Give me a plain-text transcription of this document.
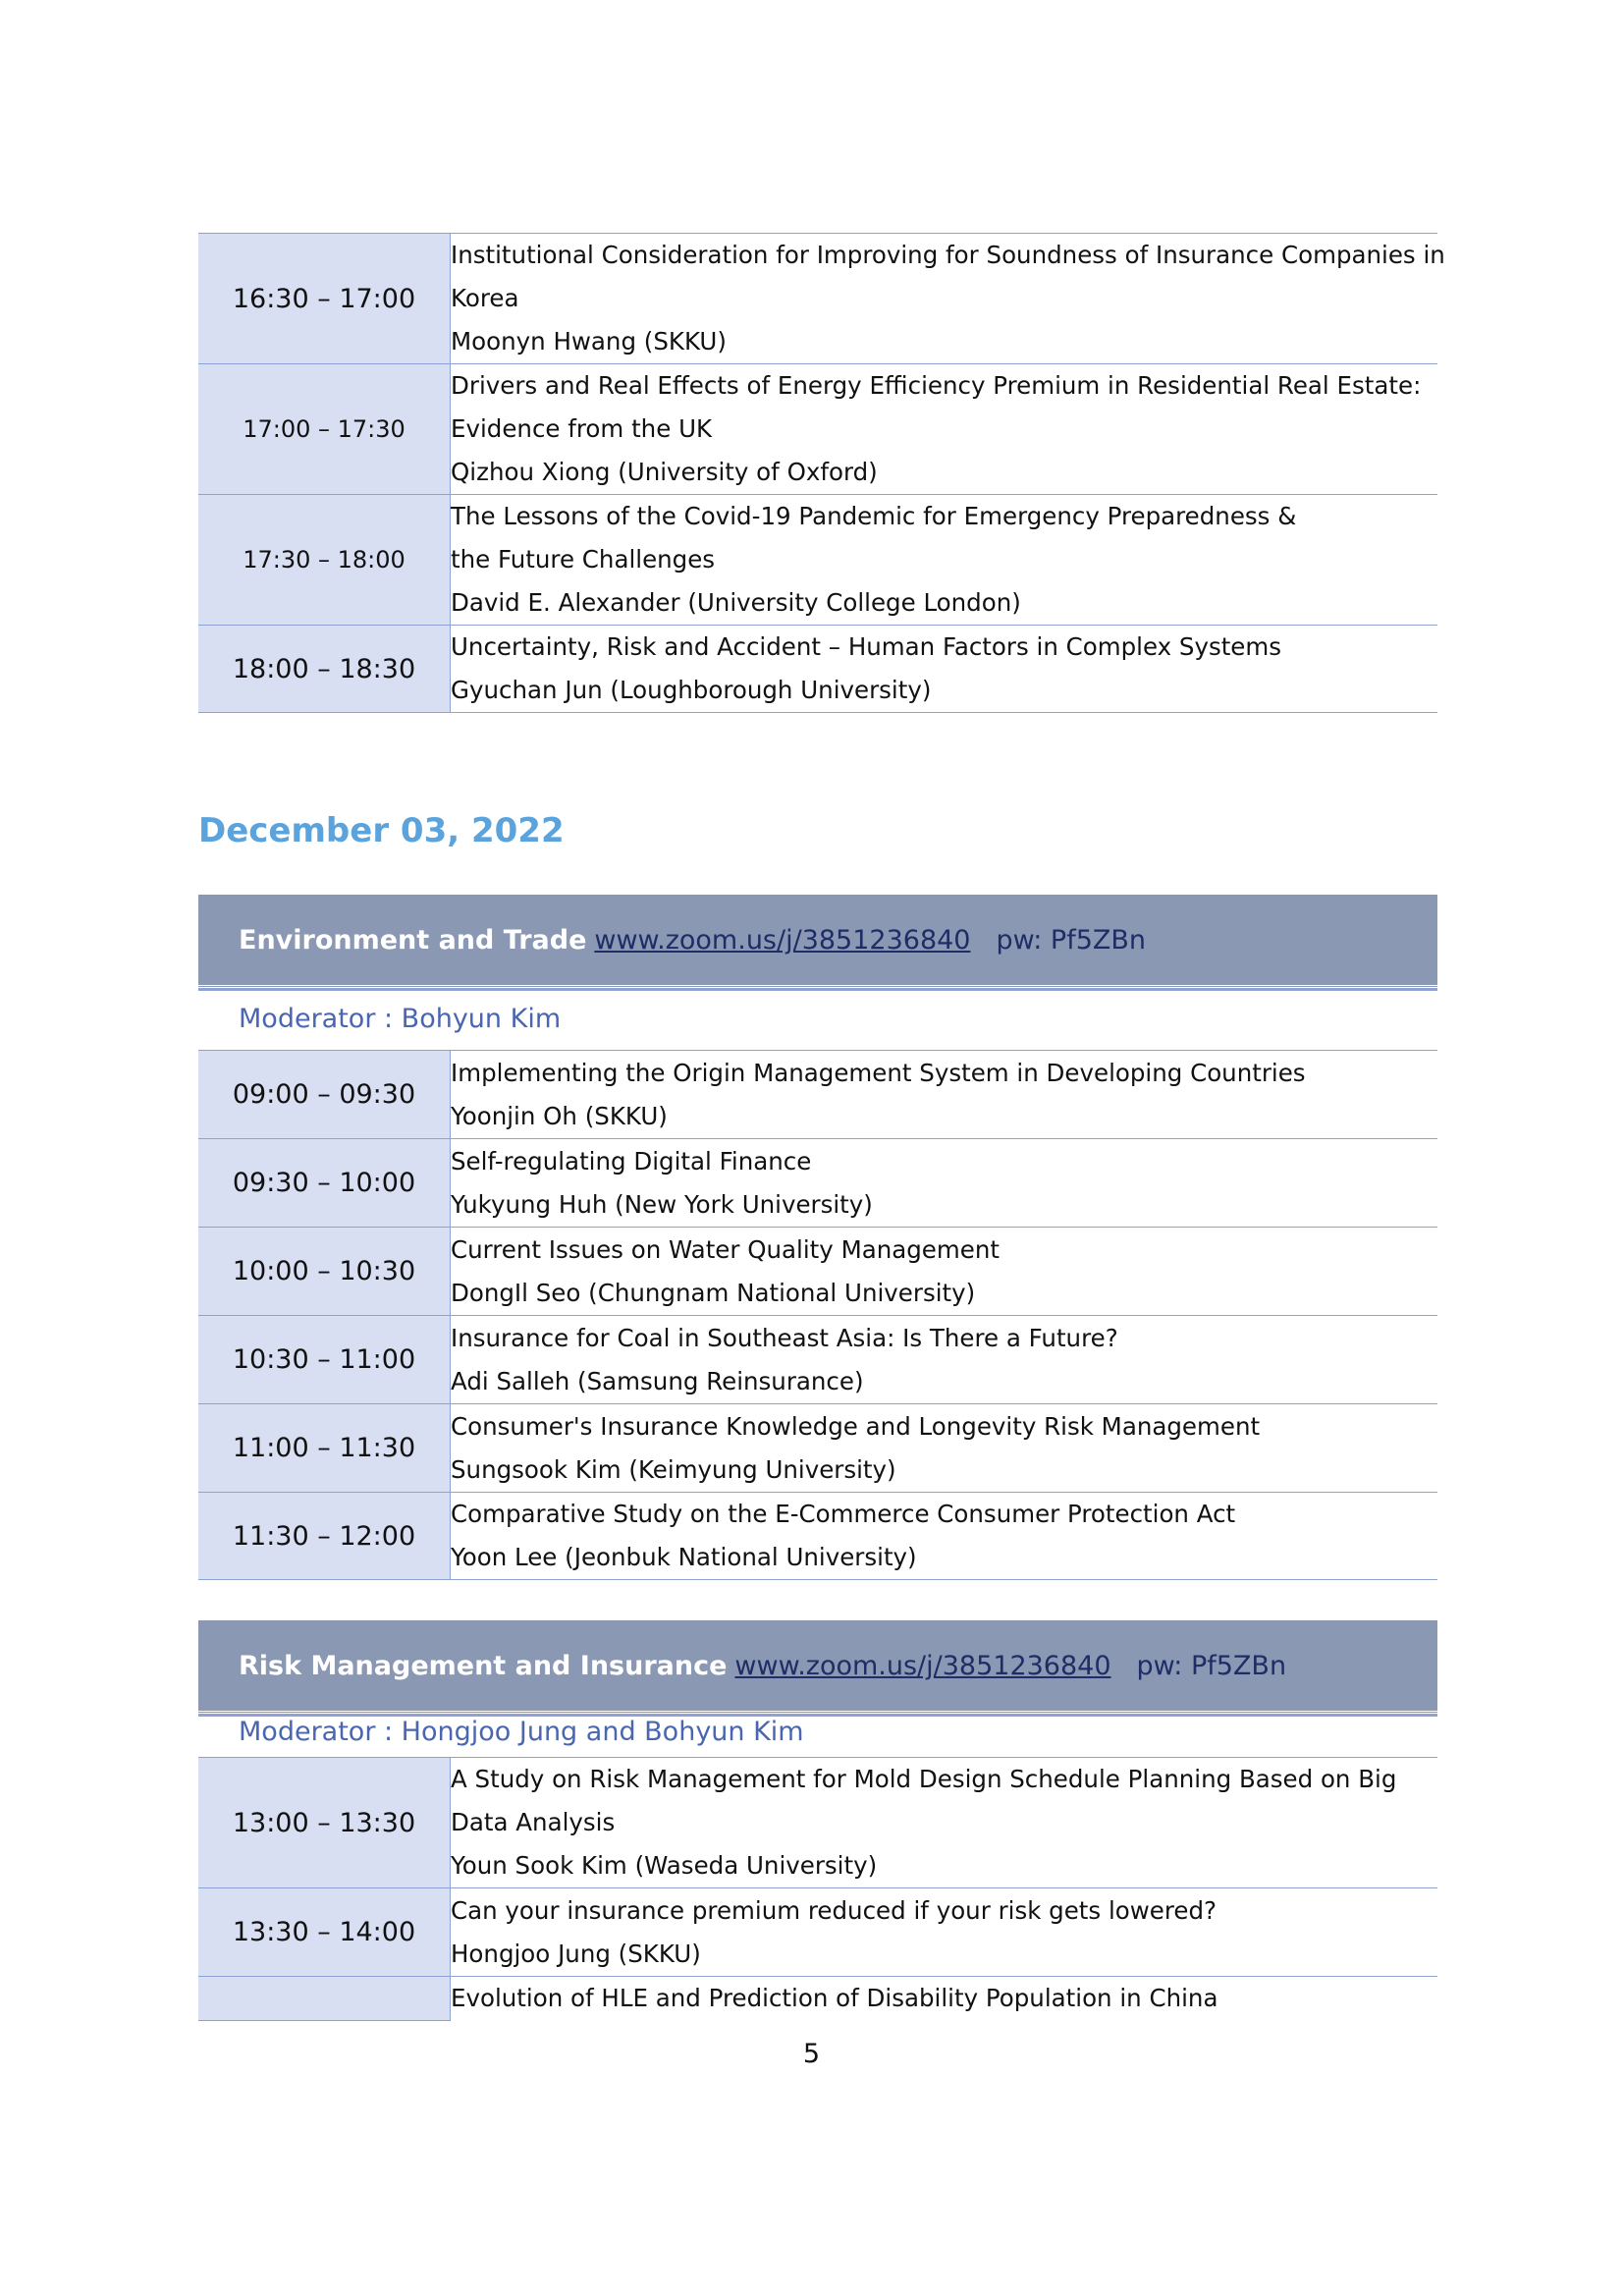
16:30 – 17:00	Institutional Consideration for Improving for Soundness of Insurance Companies in
Korea
Moonyn Hwang (SKKU)

17:00 – 17:30	Drivers and Real Effects of Energy Efficiency Premium in Residential Real Estate:
Evidence from the UK
Qizhou Xiong (University of Oxford)

17:30 – 18:00	The Lessons of the Covid-19 Pandemic for Emergency Preparedness &
the Future Challenges
David E. Alexander (University College London)

18:00 – 18:30	Uncertainty, Risk and Accident – Human Factors in Complex Systems
Gyuchan Jun (Loughborough University)
December 03, 2022
Environment and Trade www.zoom.us/j/3851236840 pw: Pf5ZBn
Moderator : Bohyun Kim
09:00 – 09:30	Implementing the Origin Management System in Developing Countries
Yoonjin Oh (SKKU)

09:30 – 10:00	Self-regulating Digital Finance
Yukyung Huh (New York University)

10:00 – 10:30	Current Issues on Water Quality Management
DongIl Seo (Chungnam National University)

10:30 – 11:00	Insurance for Coal in Southeast Asia: Is There a Future?
Adi Salleh (Samsung Reinsurance)

11:00 – 11:30	Consumer's Insurance Knowledge and Longevity Risk Management
Sungsook Kim (Keimyung University)

11:30 – 12:00	Comparative Study on the E-Commerce Consumer Protection Act
Yoon Lee (Jeonbuk National University)
Risk Management and Insurance www.zoom.us/j/3851236840 pw: Pf5ZBn
Moderator : Hongjoo Jung and Bohyun Kim
13:00 – 13:30	A Study on Risk Management for Mold Design Schedule Planning Based on Big
Data Analysis
Youn Sook Kim (Waseda University)

13:30 – 14:00	Can your insurance premium reduced if your risk gets lowered?
Hongjoo Jung (SKKU)

	Evolution of HLE and Prediction of Disability Population in China
5
